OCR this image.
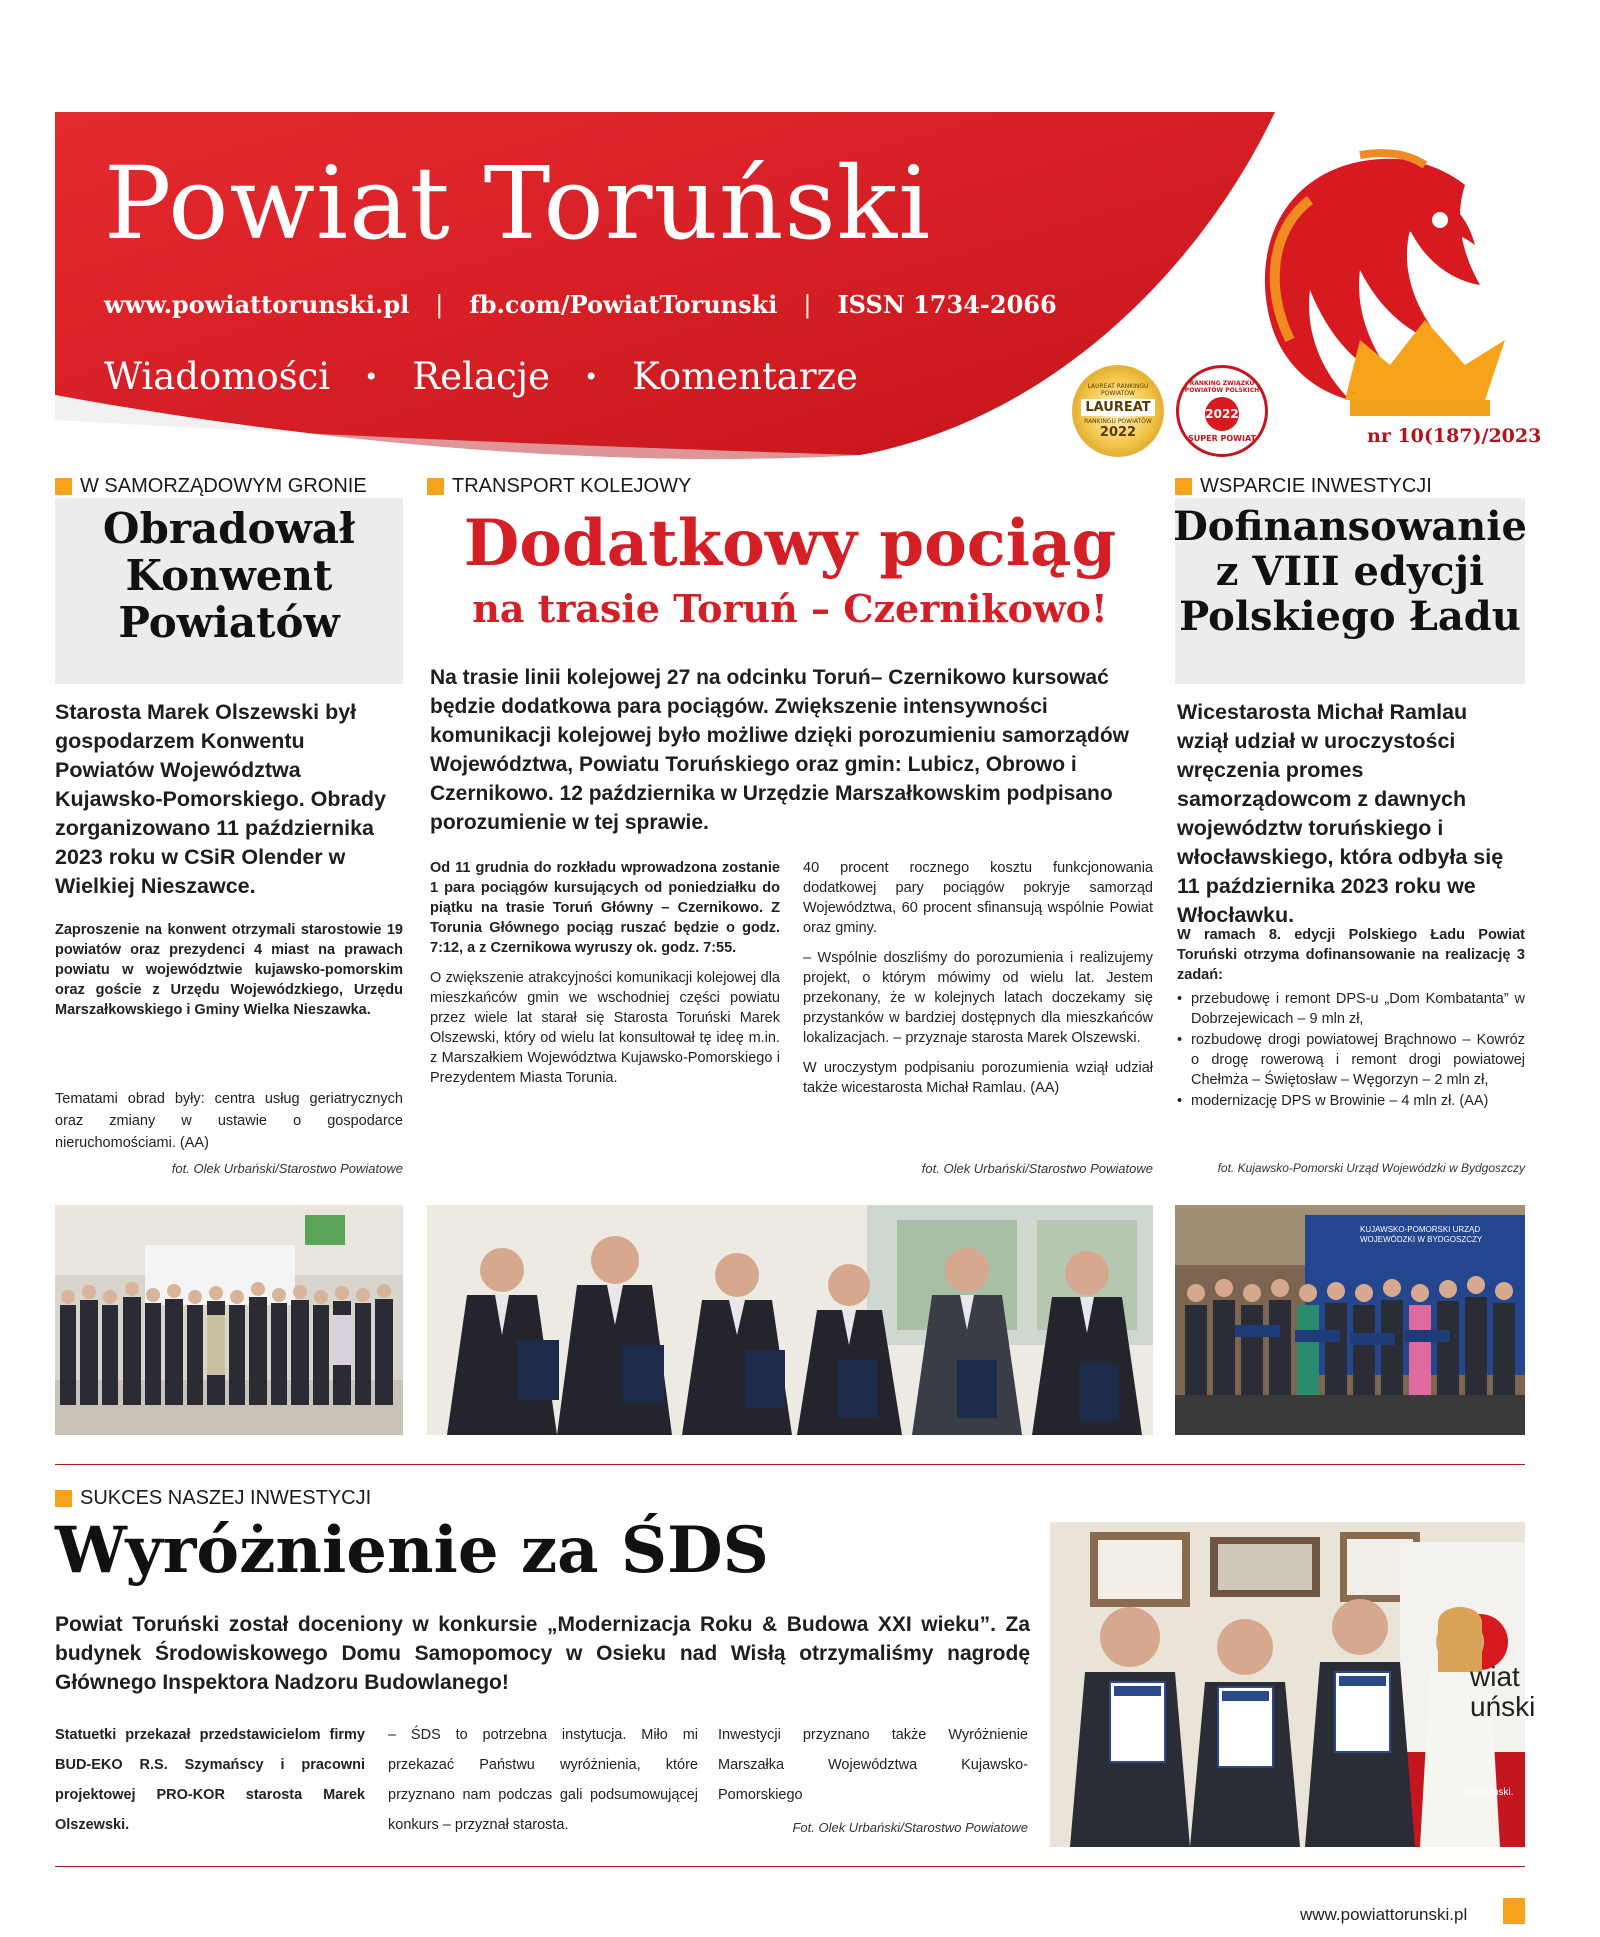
Powiat Toruński
www.powiattorunski.pl | fb.com/PowiatTorunski | ISSN 1734-2066
Wiadomości • Relacje • Komentarze	LAUREAT RANKINGU POWIATÓW
LAUREAT
RANKINGU POWIATÓW
2022
RANKING ZWIĄZKU POWIATÓW POLSKICH
2022
SUPER POWIAT	nr 10(187)/2023
W SAMORZĄDOWYM GRONIE
Obradował
Konwent
Powiatów
Starosta Marek Olszewski był gospodarzem Konwentu Powiatów Województwa Kujawsko-Pomorskiego. Obrady zorganizowano 11 października 2023 roku w CSiR Olender w Wielkiej Nieszawce.
Zaproszenie na konwent otrzymali starostowie 19 powiatów oraz prezydenci 4 miast na prawach powiatu w województwie kujawsko-pomorskim oraz goście z Urzędu Wojewódzkiego, Urzędu Marszałkowskiego i Gminy Wielka Nieszawka.
Tematami obrad były: centra usług geriatrycznych oraz zmiany w ustawie o gospodarce nieruchomościami. (AA)
fot. Olek Urbański/Starostwo Powiatowe
TRANSPORT KOLEJOWY
Dodatkowy pociąg
na trasie Toruń – Czernikowo!
Na trasie linii kolejowej 27 na odcinku Toruń– Czernikowo kursować będzie dodatkowa para pociągów. Zwiększenie intensywności komunikacji kolejowej było możliwe dzięki porozumieniu samorządów Województwa, Powiatu Toruńskiego oraz gmin: Lubicz, Obrowo i Czernikowo. 12 października w Urzędzie Marszałkowskim podpisano porozumienie w tej sprawie.

Od 11 grudnia do rozkładu wprowadzona zostanie 1 para pociągów kursujących od poniedziałku do piątku na trasie Toruń Główny – Czernikowo. Z Torunia Głównego pociąg ruszać będzie o godz. 7:12, a z Czernikowa wyruszy ok. godz. 7:55.

O zwiększenie atrakcyjności komunikacji kolejowej dla mieszkańców gmin we wschodniej części powiatu przez wiele lat starał się Starosta Toruński Marek Olszewski, który od wielu lat konsultował tę ideę m.in. z Marszałkiem Województwa Kujawsko-Pomorskiego i Prezydentem Miasta Torunia.

40 procent rocznego kosztu funkcjonowania dodatkowej pary pociągów pokryje samorząd Województwa, 60 procent sfinansują wspólnie Powiat oraz gminy.

– Wspólnie doszliśmy do porozumienia i realizujemy projekt, o którym mówimy od wielu lat. Jestem przekonany, że w kolejnych latach doczekamy się przystanków w bardziej dostępnych dla mieszkańców lokalizacjach. – przyznaje starosta Marek Olszewski.

W uroczystym podpisaniu porozumienia wziął udział także wicestarosta Michał Ramlau. (AA)

fot. Olek Urbański/Starostwo Powiatowe
WSPARCIE INWESTYCJI
Dofinansowanie
z VIII edycji
Polskiego Ładu
Wicestarosta Michał Ramlau wziął udział w uroczystości wręczenia promes samorządowcom z dawnych województw toruńskiego i włocławskiego, która odbyła się 11 października 2023 roku we Włocławku.

W ramach 8. edycji Polskiego Ładu Powiat Toruński otrzyma dofinansowanie na realizację 3 zadań:

• przebudowę i remont DPS-u „Dom Kombatanta” w Dobrzejewicach – 9 mln zł,
• rozbudowę drogi powiatowej Brąchnowo – Kowróz o drogę rowerową i remont drogi powiatowej Chełmża – Świętosław – Węgorzyn – 2 mln zł,
• modernizację DPS w Browinie – 4 mln zł. (AA)
fot. Kujawsko-Pomorski Urząd Wojewódzki w Bydgoszczy
KUJAWSKO-POMORSKI URZĄD WOJEWÓDZKI W BYDGOSZCZY
SUKCES NASZEJ INWESTYCJI
Wyróżnienie za ŚDS
Powiat Toruński został doceniony w konkursie „Modernizacja Roku & Budowa XXI wieku”. Za budynek Środowiskowego Domu Samopomocy w Osieku nad Wisłą otrzymaliśmy nagrodę Głównego Inspektora Nadzoru Budowlanego!
Statuetki przekazał przedstawicielom firmy BUD-EKO R.S. Szymańscy i pracowni projektowej PRO-KOR starosta Marek Olszewski.
– ŚDS to potrzebna instytucja. Miło mi przekazać Państwu wyróżnienia, które przyznano nam podczas gali podsumowującej konkurs – przyznał starosta.
Inwestycji przyznano także Wyróżnienie Marszałka Województwa Kujawsko-Pomorskiego
Fot. Olek Urbański/Starostwo Powiatowe
wiat
uński
iattorunski.
www.powiattorunski.pl
